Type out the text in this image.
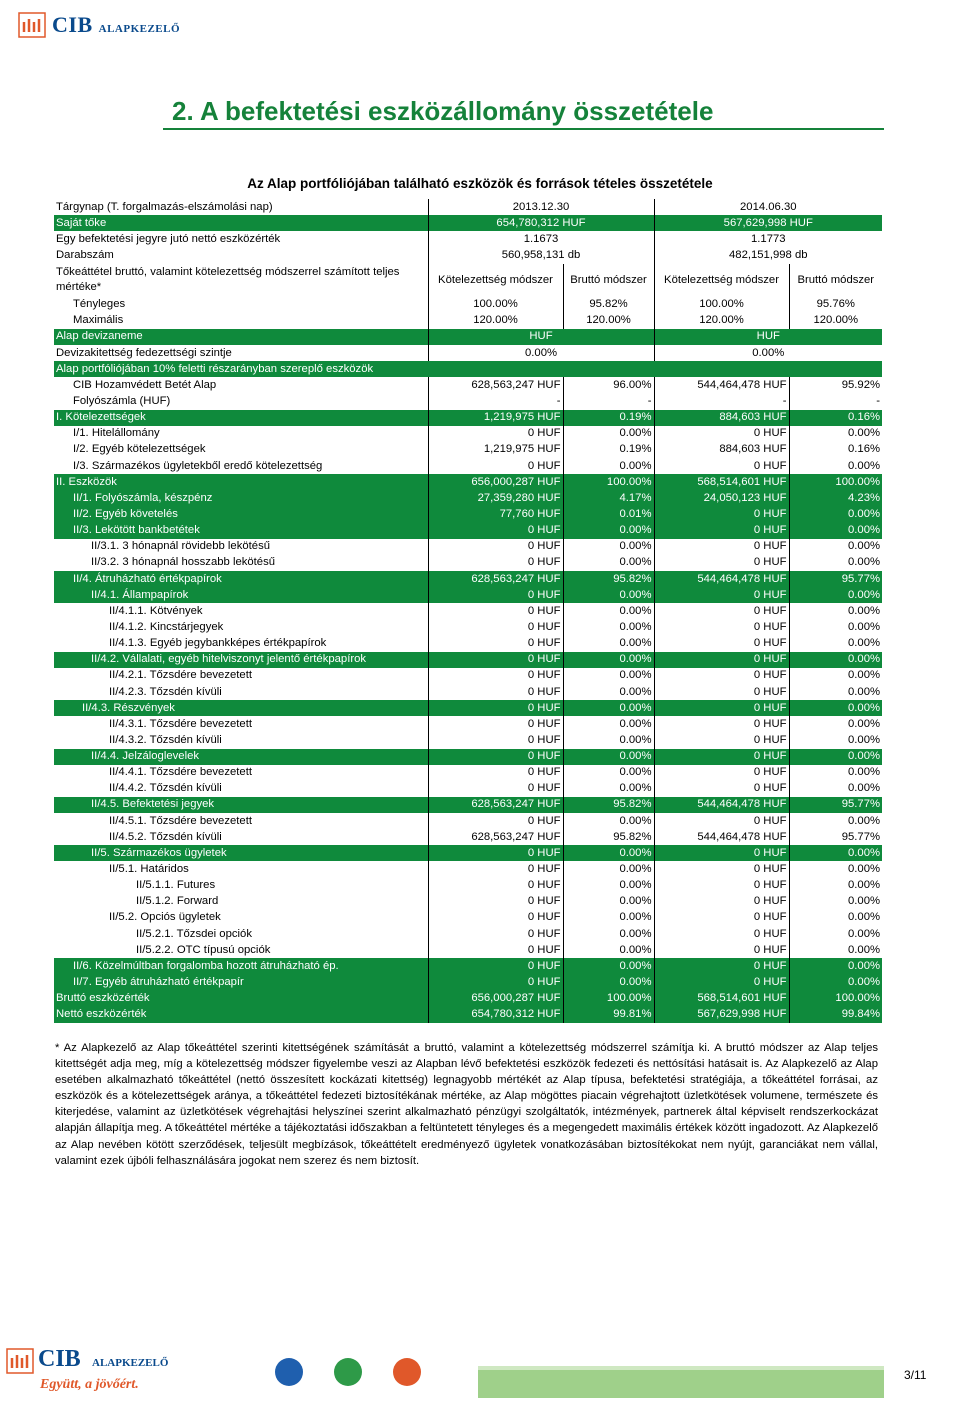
CIB ALAPKEZELŐ
2. A befektetési eszközállomány összetétele
Az Alap portfóliójában található eszközök és források tételes összetétele
Tárgynap (T. forgalmazás-elszámolási nap)	2013.12.30		2014.06.30	
Saját tőke	654,780,312 HUF		567,629,998 HUF	
Egy befektetési jegyre jutó nettó eszközérték	1.1673		1.1773	
Darabszám	560,958,131 db		482,151,998 db	
Tőkeáttétel bruttó, valamint kötelezettség módszerrel számított teljes mértéke*	Kötelezettség módszer	Bruttó módszer	Kötelezettség módszer	Bruttó módszer
Tényleges	100.00%	95.82%	100.00%	95.76%
Maximális	120.00%	120.00%	120.00%	120.00%
Alap devizaneme	HUF		HUF	
Devizakitettség fedezettségi szintje	0.00%		0.00%	
Alap portfóliójában 10% feletti részarányban szereplő eszközök				
CIB Hozamvédett Betét Alap	628,563,247 HUF	96.00%	544,464,478 HUF	95.92%
Folyószámla (HUF)	-	-	-	-
I. Kötelezettségek	1,219,975 HUF	0.19%	884,603 HUF	0.16%
I/1. Hitelállomány	0 HUF	0.00%	0 HUF	0.00%
I/2. Egyéb kötelezettségek	1,219,975 HUF	0.19%	884,603 HUF	0.16%
I/3. Származékos ügyletekből eredő kötelezettség	0 HUF	0.00%	0 HUF	0.00%
II. Eszközök	656,000,287 HUF	100.00%	568,514,601 HUF	100.00%
II/1. Folyószámla, készpénz	27,359,280 HUF	4.17%	24,050,123 HUF	4.23%
II/2. Egyéb követelés	77,760 HUF	0.01%	0 HUF	0.00%
II/3. Lekötött bankbetétek	0 HUF	0.00%	0 HUF	0.00%
II/3.1. 3 hónapnál rövidebb lekötésű	0 HUF	0.00%	0 HUF	0.00%
II/3.2. 3 hónapnál hosszabb lekötésű	0 HUF	0.00%	0 HUF	0.00%
II/4. Átruházható értékpapírok	628,563,247 HUF	95.82%	544,464,478 HUF	95.77%
II/4.1. Állampapírok	0 HUF	0.00%	0 HUF	0.00%
II/4.1.1. Kötvények	0 HUF	0.00%	0 HUF	0.00%
II/4.1.2. Kincstárjegyek	0 HUF	0.00%	0 HUF	0.00%
II/4.1.3. Egyéb jegybankképes értékpapírok	0 HUF	0.00%	0 HUF	0.00%
II/4.2. Vállalati, egyéb hitelviszonyt jelentő értékpapírok	0 HUF	0.00%	0 HUF	0.00%
II/4.2.1. Tőzsdére bevezetett	0 HUF	0.00%	0 HUF	0.00%
II/4.2.3. Tőzsdén kívüli	0 HUF	0.00%	0 HUF	0.00%
II/4.3. Részvények	0 HUF	0.00%	0 HUF	0.00%
II/4.3.1. Tőzsdére bevezetett	0 HUF	0.00%	0 HUF	0.00%
II/4.3.2. Tőzsdén kívüli	0 HUF	0.00%	0 HUF	0.00%
II/4.4. Jelzáloglevelek	0 HUF	0.00%	0 HUF	0.00%
II/4.4.1. Tőzsdére bevezetett	0 HUF	0.00%	0 HUF	0.00%
II/4.4.2. Tőzsdén kívüli	0 HUF	0.00%	0 HUF	0.00%
II/4.5. Befektetési jegyek	628,563,247 HUF	95.82%	544,464,478 HUF	95.77%
II/4.5.1. Tőzsdére bevezetett	0 HUF	0.00%	0 HUF	0.00%
II/4.5.2. Tőzsdén kívüli	628,563,247 HUF	95.82%	544,464,478 HUF	95.77%
II/5. Származékos ügyletek	0 HUF	0.00%	0 HUF	0.00%
II/5.1. Határidos	0 HUF	0.00%	0 HUF	0.00%
II/5.1.1. Futures	0 HUF	0.00%	0 HUF	0.00%
II/5.1.2. Forward	0 HUF	0.00%	0 HUF	0.00%
II/5.2. Opciós ügyletek	0 HUF	0.00%	0 HUF	0.00%
II/5.2.1. Tőzsdei opciók	0 HUF	0.00%	0 HUF	0.00%
II/5.2.2. OTC típusú opciók	0 HUF	0.00%	0 HUF	0.00%
II/6. Közelmúltban forgalomba hozott átruházható ép.	0 HUF	0.00%	0 HUF	0.00%
II/7. Egyéb átruházható értékpapír	0 HUF	0.00%	0 HUF	0.00%
Bruttó eszközérték	656,000,287 HUF	100.00%	568,514,601 HUF	100.00%
Nettó eszközérték	654,780,312 HUF	99.81%	567,629,998 HUF	99.84%
* Az Alapkezelő az Alap tőkeáttétel szerinti kitettségének számítását a bruttó, valamint a kötelezettség módszerrel számítja ki. A bruttó módszer az Alap teljes kitettségét adja meg, míg a kötelezettség módszer figyelembe veszi az Alapban lévő befektetési eszközök fedezeti és nettósítási hatásait is. Az Alapkezelő az Alap esetében alkalmazható tőkeáttétel (nettó összesített kockázati kitettség) legnagyobb mértékét az Alap típusa, befektetési stratégiája, a tőkeáttétel forrásai, az eszközök és a kötelezettségek aránya, a tőkeáttétel fedezeti biztosítékának mértéke, az Alap mögöttes piacain végrehajtott üzletkötések volumene, természete és kiterjedése, valamint az üzletkötések végrehajtási helyszínei szerint alkalmazható pénzügyi szolgáltatók, intézmények, partnerek által képviselt rendszerkockázat alapján állapítja meg. A tőkeáttétel mértéke a tájékoztatási időszakban a feltüntetett tényleges és a megengedett maximális értékek között ingadozott. Az Alapkezelő az Alap nevében kötött szerződések, teljesült megbízások, tőkeáttételt eredményező ügyletek vonatkozásában biztosítékokat nem nyújt, garanciákat nem vállal, valamint ezek újbóli felhasználására jogokat nem szerez és nem biztosít.
CIB ALAPKEZELŐ
Együtt, a jövőért.
3/11
